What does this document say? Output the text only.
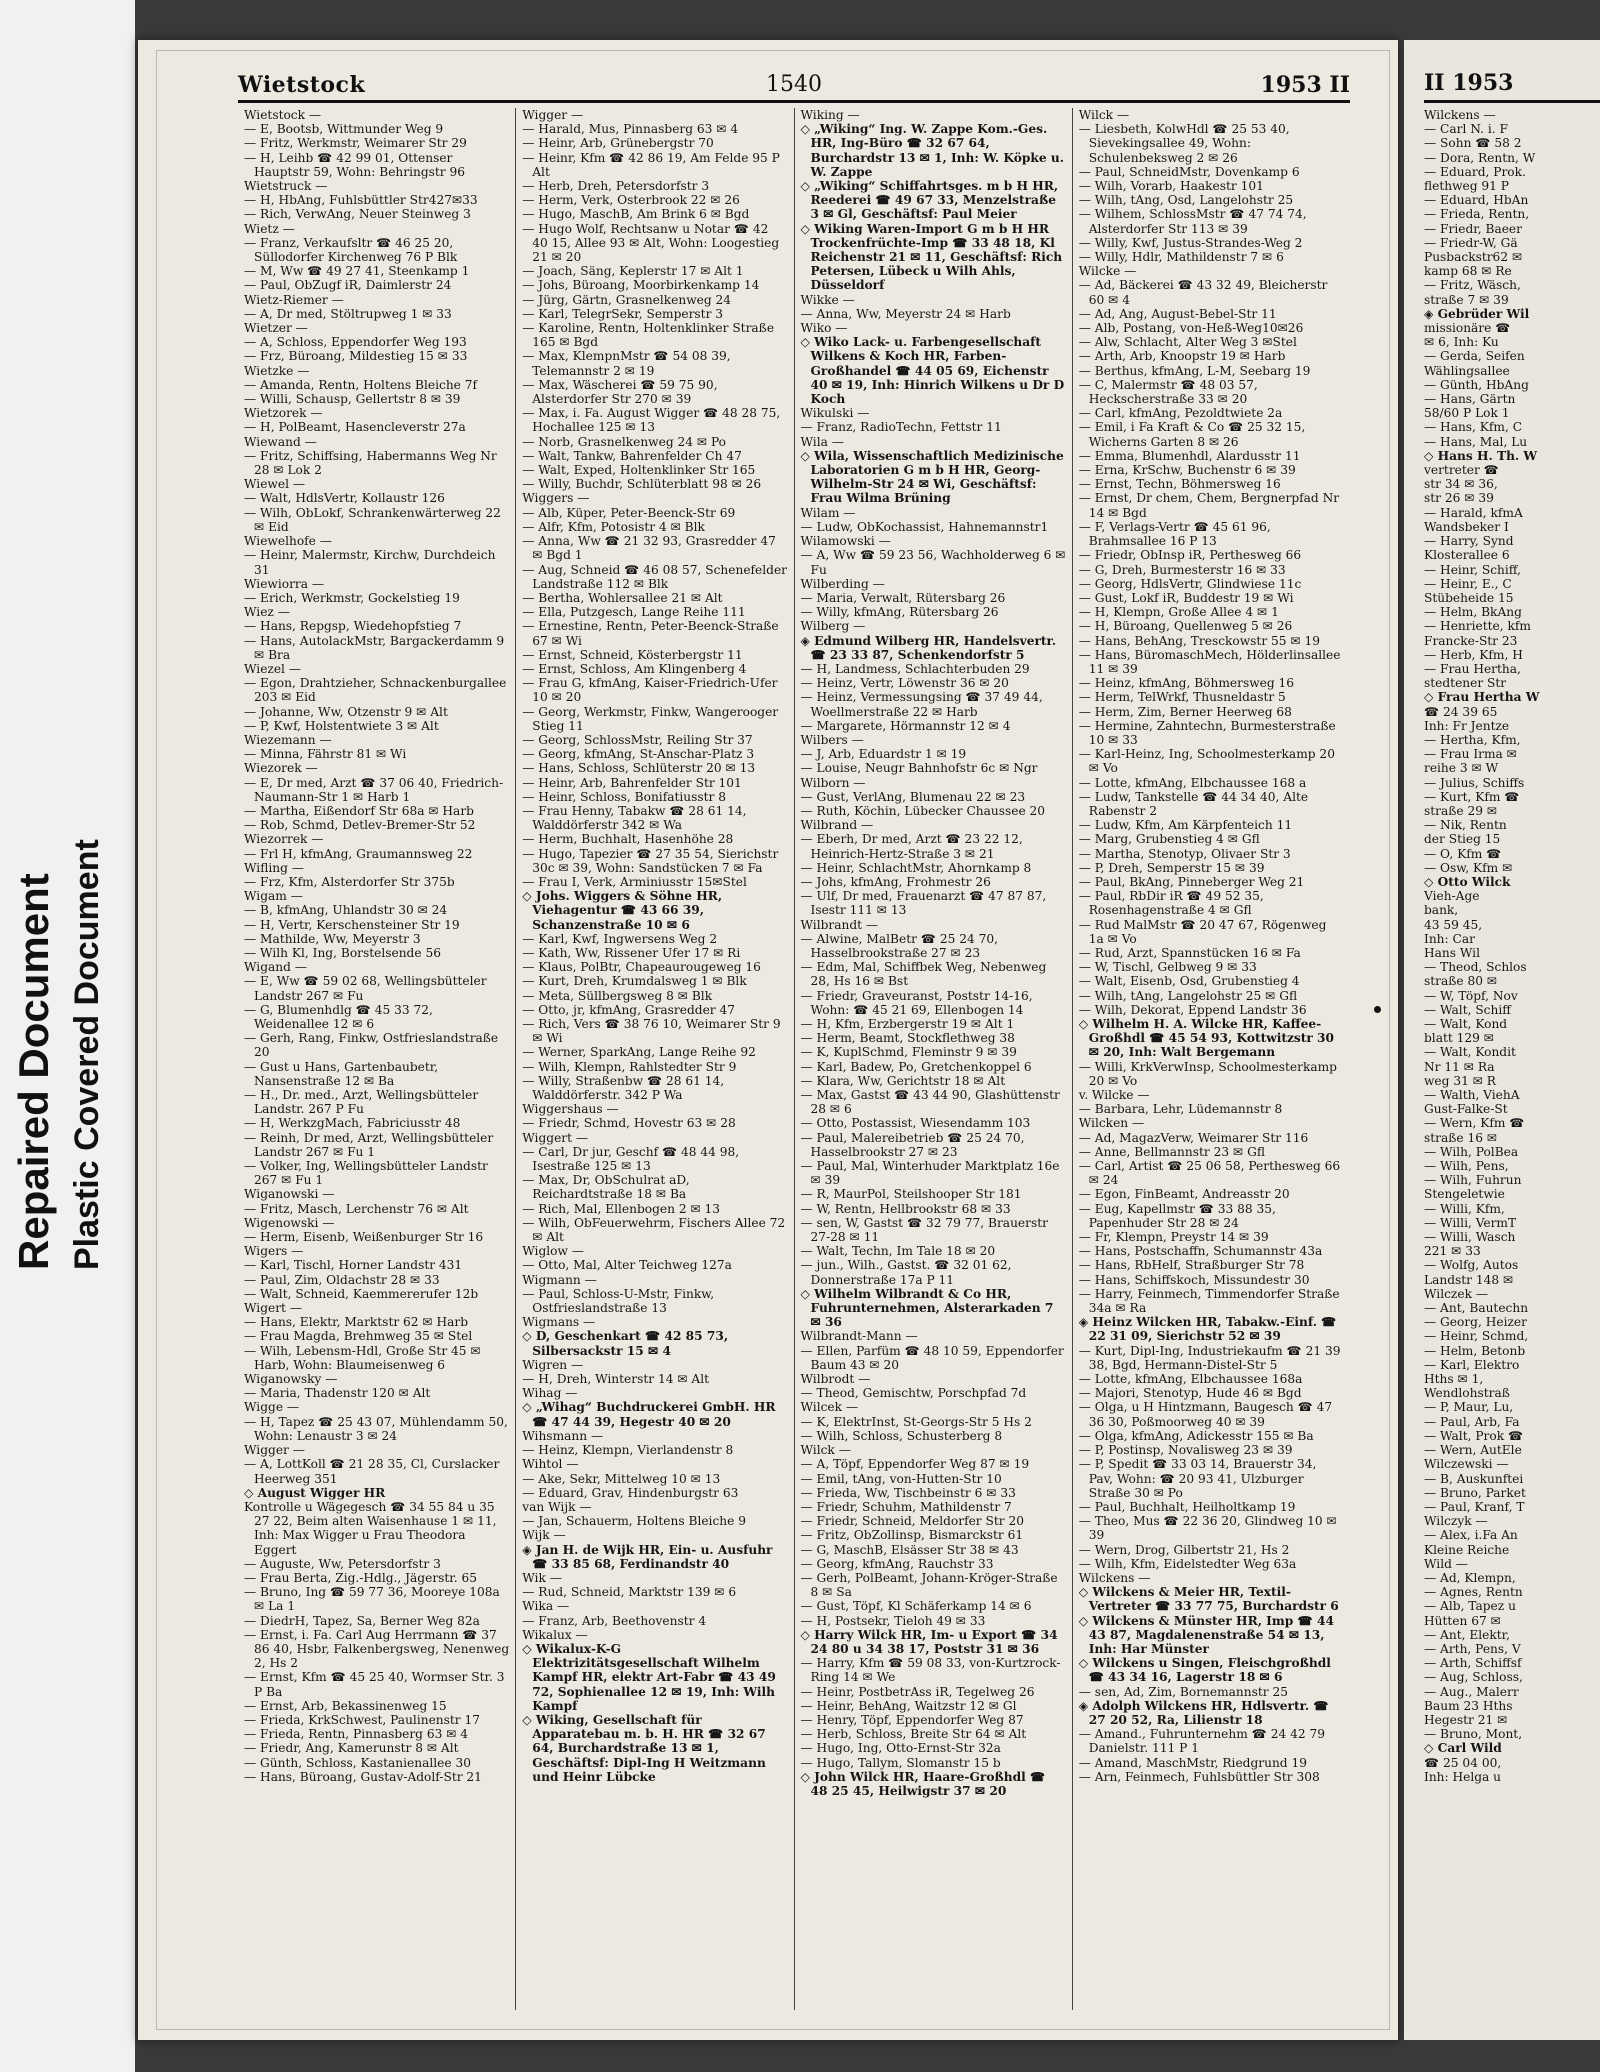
Repaired Document Plastic Covered Document
Wietstock	1540	1953 II

Wietstock —

— E, Bootsb, Wittmunder Weg 9

— Fritz, Werkmstr, Weimarer Str 29

— H, Leihb ☎ 42 99 01, Ottenser Hauptstr 59, Wohn: Behringstr 96

Wietstruck —

— H, HbAng, Fuhlsbüttler Str427✉33

— Rich, VerwAng, Neuer Steinweg 3

Wietz —

— Franz, Verkaufsltr ☎ 46 25 20, Süllodorfer Kirchenweg 76 P Blk

— M, Ww ☎ 49 27 41, Steenkamp 1

— Paul, ObZugf iR, Daimlerstr 24

Wietz-Riemer —

— A, Dr med, Stöltrupweg 1 ✉ 33

Wietzer —

— A, Schloss, Eppendorfer Weg 193

— Frz, Büroang, Mildestieg 15 ✉ 33

Wietzke —

— Amanda, Rentn, Holtens Bleiche 7f

— Willi, Schausp, Gellertstr 8 ✉ 39

Wietzorek —

— H, PolBeamt, Hasencleverstr 27a

Wiewand —

— Fritz, Schiffsing, Habermanns Weg Nr 28 ✉ Lok 2

Wiewel —

— Walt, HdlsVertr, Kollaustr 126

— Wilh, ObLokf, Schrankenwärterweg 22 ✉ Eid

Wiewelhofe —

— Heinr, Malermstr, Kirchw, Durchdeich 31

Wiewiorra —

— Erich, Werkmstr, Gockelstieg 19

Wiez —

— Hans, Repgsp, Wiedehopfstieg 7

— Hans, AutolackMstr, Bargackerdamm 9 ✉ Bra

Wiezel —

— Egon, Drahtzieher, Schnackenburgallee 203 ✉ Eid

— Johanne, Ww, Otzenstr 9 ✉ Alt

— P, Kwf, Holstentwiete 3 ✉ Alt

Wiezemann —

— Minna, Fährstr 81 ✉ Wi

Wiezorek —

— E, Dr med, Arzt ☎ 37 06 40, Friedrich-Naumann-Str 1 ✉ Harb 1

— Martha, Eißendorf Str 68a ✉ Harb

— Rob, Schmd, Detlev-Bremer-Str 52

Wiezorrek —

— Frl H, kfmAng, Graumannsweg 22

Wifling —

— Frz, Kfm, Alsterdorfer Str 375b

Wigam —

— B, kfmAng, Uhlandstr 30 ✉ 24

— H, Vertr, Kerschensteiner Str 19

— Mathilde, Ww, Meyerstr 3

— Wilh Kl, Ing, Borstelsende 56

Wigand —

— E, Ww ☎ 59 02 68, Wellingsbütteler Landstr 267 ✉ Fu

— G, Blumenhdlg ☎ 45 33 72, Weidenallee 12 ✉ 6

— Gerh, Rang, Finkw, Ostfrieslandstraße 20

— Gust u Hans, Gartenbaubetr, Nansenstraße 12 ✉ Ba

— H., Dr. med., Arzt, Wellingsbütteler Landstr. 267 P Fu

— H, WerkzgMach, Fabriciusstr 48

— Reinh, Dr med, Arzt, Wellingsbütteler Landstr 267 ✉ Fu 1

— Volker, Ing, Wellingsbütteler Landstr 267 ✉ Fu 1

Wiganowski —

— Fritz, Masch, Lerchenstr 76 ✉ Alt

Wigenowski —

— Herm, Eisenb, Weißenburger Str 16

Wigers —

— Karl, Tischl, Horner Landstr 431

— Paul, Zim, Oldachstr 28 ✉ 33

— Walt, Schneid, Kaemmererufer 12b

Wigert —

— Hans, Elektr, Marktstr 62 ✉ Harb

— Frau Magda, Brehmweg 35 ✉ Stel

— Wilh, Lebensm-Hdl, Große Str 45 ✉ Harb, Wohn: Blaumeisenweg 6

Wiganowsky —

— Maria, Thadenstr 120 ✉ Alt

Wigge —

— H, Tapez ☎ 25 43 07, Mühlendamm 50, Wohn: Lenaustr 3 ✉ 24

Wigger —

— A, LottKoll ☎ 21 28 35, Cl, Curslacker Heerweg 351

◇ August Wigger HR

Kontrolle u Wägegesch ☎ 34 55 84 u 35 27 22, Beim alten Waisenhause 1 ✉ 11, Inh: Max Wigger u Frau Theodora Eggert

— Auguste, Ww, Petersdorfstr 3

— Frau Berta, Zig.-Hdlg., Jägerstr. 65

— Bruno, Ing ☎ 59 77 36, Mooreye 108a ✉ La 1

— DiedrH, Tapez, Sa, Berner Weg 82a

— Ernst, i. Fa. Carl Aug Herrmann ☎ 37 86 40, Hsbr, Falkenbergsweg, Nenenweg 2, Hs 2

— Ernst, Kfm ☎ 45 25 40, Wormser Str. 3 P Ba

— Ernst, Arb, Bekassinenweg 15

— Frieda, KrkSchwest, Paulinenstr 17

— Frieda, Rentn, Pinnasberg 63 ✉ 4

— Friedr, Ang, Kamerunstr 8 ✉ Alt

— Günth, Schloss, Kastanienallee 30

— Hans, Büroang, Gustav-Adolf-Str 21

Wigger —

— Harald, Mus, Pinnasberg 63 ✉ 4

— Heinr, Arb, Grünebergstr 70

— Heinr, Kfm ☎ 42 86 19, Am Felde 95 P Alt

— Herb, Dreh, Petersdorfstr 3

— Herm, Verk, Osterbrook 22 ✉ 26

— Hugo, MaschB, Am Brink 6 ✉ Bgd

— Hugo Wolf, Rechtsanw u Notar ☎ 42 40 15, Allee 93 ✉ Alt, Wohn: Loogestieg 21 ✉ 20

— Joach, Säng, Keplerstr 17 ✉ Alt 1

— Johs, Büroang, Moorbirkenkamp 14

— Jürg, Gärtn, Grasnelkenweg 24

— Karl, TelegrSekr, Semperstr 3

— Karoline, Rentn, Holtenklinker Straße 165 ✉ Bgd

— Max, KlempnMstr ☎ 54 08 39, Telemannstr 2 ✉ 19

— Max, Wäscherei ☎ 59 75 90, Alsterdorfer Str 270 ✉ 39

— Max, i. Fa. August Wigger ☎ 48 28 75, Hochallee 125 ✉ 13

— Norb, Grasnelkenweg 24 ✉ Po

— Walt, Tankw, Bahrenfelder Ch 47

— Walt, Exped, Holtenklinker Str 165

— Willy, Buchdr, Schlüterblatt 98 ✉ 26

Wiggers —

— Alb, Küper, Peter-Beenck-Str 69

— Alfr, Kfm, Potosistr 4 ✉ Blk

— Anna, Ww ☎ 21 32 93, Grasredder 47 ✉ Bgd 1

— Aug, Schneid ☎ 46 08 57, Schenefelder Landstraße 112 ✉ Blk

— Bertha, Wohlersallee 21 ✉ Alt

— Ella, Putzgesch, Lange Reihe 111

— Ernestine, Rentn, Peter-Beenck-Straße 67 ✉ Wi

— Ernst, Schneid, Kösterbergstr 11

— Ernst, Schloss, Am Klingenberg 4

— Frau G, kfmAng, Kaiser-Friedrich-Ufer 10 ✉ 20

— Georg, Werkmstr, Finkw, Wangerooger Stieg 11

— Georg, SchlossMstr, Reiling Str 37

— Georg, kfmAng, St-Anschar-Platz 3

— Hans, Schloss, Schlüterstr 20 ✉ 13

— Heinr, Arb, Bahrenfelder Str 101

— Heinr, Schloss, Bonifatiusstr 8

— Frau Henny, Tabakw ☎ 28 61 14, Walddörferstr 342 ✉ Wa

— Herm, Buchhalt, Hasenhöhe 28

— Hugo, Tapezier ☎ 27 35 54, Sierichstr 30c ✉ 39, Wohn: Sandstücken 7 ✉ Fa

— Frau I, Verk, Arminiusstr 15✉Stel

◇ Johs. Wiggers & Söhne HR, Viehagentur ☎ 43 66 39, Schanzenstraße 10 ✉ 6

— Karl, Kwf, Ingwersens Weg 2

— Kath, Ww, Rissener Ufer 17 ✉ Ri

— Klaus, PolBtr, Chapeaurougeweg 16

— Kurt, Dreh, Krumdalsweg 1 ✉ Blk

— Meta, Süllbergsweg 8 ✉ Blk

— Otto, jr, kfmAng, Grasredder 47

— Rich, Vers ☎ 38 76 10, Weimarer Str 9 ✉ Wi

— Werner, SparkAng, Lange Reihe 92

— Wilh, Klempn, Rahlstedter Str 9

— Willy, Straßenbw ☎ 28 61 14, Walddörferstr. 342 P Wa

Wiggershaus —

— Friedr, Schmd, Hovestr 63 ✉ 28

Wiggert —

— Carl, Dr jur, Geschf ☎ 48 44 98, Isestraße 125 ✉ 13

— Max, Dr, ObSchulrat aD, Reichardtstraße 18 ✉ Ba

— Rich, Mal, Ellenbogen 2 ✉ 13

— Wilh, ObFeuerwehrm, Fischers Allee 72 ✉ Alt

Wiglow —

— Otto, Mal, Alter Teichweg 127a

Wigmann —

— Paul, Schloss-U-Mstr, Finkw, Ostfrieslandstraße 13

Wigmans —

◇ D, Geschenkart ☎ 42 85 73, Silbersackstr 15 ✉ 4

Wigren —

— H, Dreh, Winterstr 14 ✉ Alt

Wihag —

◇ „Wihag“ Buchdruckerei GmbH. HR ☎ 47 44 39, Hegestr 40 ✉ 20

Wihsmann —

— Heinz, Klempn, Vierlandenstr 8

Wihtol —

— Ake, Sekr, Mittelweg 10 ✉ 13

— Eduard, Grav, Hindenburgstr 63

van Wijk —

— Jan, Schauerm, Holtens Bleiche 9

Wijk —

◈ Jan H. de Wijk HR, Ein- u. Ausfuhr ☎ 33 85 68, Ferdinandstr 40

Wik —

— Rud, Schneid, Marktstr 139 ✉ 6

Wika —

— Franz, Arb, Beethovenstr 4

Wikalux —

◇ Wikalux-K-G Elektrizitätsgesellschaft Wilhelm Kampf HR, elektr Art-Fabr ☎ 43 49 72, Sophienallee 12 ✉ 19, Inh: Wilh Kampf

◇ Wiking, Gesellschaft für Apparatebau m. b. H. HR ☎ 32 67 64, Burchardstraße 13 ✉ 1, Geschäftsf: Dipl-Ing H Weitzmann und Heinr Lübcke

Wiking —

◇ „Wiking“ Ing. W. Zappe Kom.-Ges. HR, Ing-Büro ☎ 32 67 64, Burchardstr 13 ✉ 1, Inh: W. Köpke u. W. Zappe

◇ „Wiking“ Schiffahrtsges. m b H HR, Reederei ☎ 49 67 33, Menzelstraße 3 ✉ Gl, Geschäftsf: Paul Meier

◇ Wiking Waren-Import G m b H HR Trockenfrüchte-Imp ☎ 33 48 18, Kl Reichenstr 21 ✉ 11, Geschäftsf: Rich Petersen, Lübeck u Wilh Ahls, Düsseldorf

Wikke —

— Anna, Ww, Meyerstr 24 ✉ Harb

Wiko —

◇ Wiko Lack- u. Farbengesellschaft Wilkens & Koch HR, Farben-Großhandel ☎ 44 05 69, Eichenstr 40 ✉ 19, Inh: Hinrich Wilkens u Dr D Koch

Wikulski —

— Franz, RadioTechn, Fettstr 11

Wila —

◇ Wila, Wissenschaftlich Medizinische Laboratorien G m b H HR, Georg-Wilhelm-Str 24 ✉ Wi, Geschäftsf: Frau Wilma Brüning

Wilam —

— Ludw, ObKochassist, Hahnemannstr1

Wilamowski —

— A, Ww ☎ 59 23 56, Wachholderweg 6 ✉ Fu

Wilberding —

— Maria, Verwalt, Rütersbarg 26

— Willy, kfmAng, Rütersbarg 26

Wilberg —

◈ Edmund Wilberg HR, Handelsvertr. ☎ 23 33 87, Schenkendorfstr 5

— H, Landmess, Schlachterbuden 29

— Heinz, Vertr, Löwenstr 36 ✉ 20

— Heinz, Vermessungsing ☎ 37 49 44, Woellmerstraße 22 ✉ Harb

— Margarete, Hörmannstr 12 ✉ 4

Wilbers —

— J, Arb, Eduardstr 1 ✉ 19

— Louise, Neugr Bahnhofstr 6c ✉ Ngr

Wilborn —

— Gust, VerlAng, Blumenau 22 ✉ 23

— Ruth, Köchin, Lübecker Chaussee 20

Wilbrand —

— Eberh, Dr med, Arzt ☎ 23 22 12, Heinrich-Hertz-Straße 3 ✉ 21

— Heinr, SchlachtMstr, Ahornkamp 8

— Johs, kfmAng, Frohmestr 26

— Ulf, Dr med, Frauenarzt ☎ 47 87 87, Isestr 111 ✉ 13

Wilbrandt —

— Alwine, MalBetr ☎ 25 24 70, Hasselbrookstraße 27 ✉ 23

— Edm, Mal, Schiffbek Weg, Nebenweg 28, Hs 16 ✉ Bst

— Friedr, Graveuranst, Poststr 14-16, Wohn: ☎ 45 21 69, Ellenbogen 14

— H, Kfm, Erzbergerstr 19 ✉ Alt 1

— Herm, Beamt, Stockflethweg 38

— K, KuplSchmd, Fleminstr 9 ✉ 39

— Karl, Badew, Po, Gretchenkoppel 6

— Klara, Ww, Gerichtstr 18 ✉ Alt

— Max, Gastst ☎ 43 44 90, Glashüttenstr 28 ✉ 6

— Otto, Postassist, Wiesendamm 103

— Paul, Malereibetrieb ☎ 25 24 70, Hasselbrookstr 27 ✉ 23

— Paul, Mal, Winterhuder Marktplatz 16e ✉ 39

— R, MaurPol, Steilshooper Str 181

— W, Rentn, Hellbrookstr 68 ✉ 33

— sen, W, Gastst ☎ 32 79 77, Brauerstr 27-28 ✉ 11

— Walt, Techn, Im Tale 18 ✉ 20

— jun., Wilh., Gastst. ☎ 32 01 62, Donnerstraße 17a P 11

◇ Wilhelm Wilbrandt & Co HR, Fuhrunternehmen, Alsterarkaden 7 ✉ 36

Wilbrandt-Mann —

— Ellen, Parfüm ☎ 48 10 59, Eppendorfer Baum 43 ✉ 20

Wilbrodt —

— Theod, Gemischtw, Porschpfad 7d

Wilcek —

— K, ElektrInst, St-Georgs-Str 5 Hs 2

— Wilh, Schloss, Schusterberg 8

Wilck —

— A, Töpf, Eppendorfer Weg 87 ✉ 19

— Emil, tAng, von-Hutten-Str 10

— Frieda, Ww, Tischbeinstr 6 ✉ 33

— Friedr, Schuhm, Mathildenstr 7

— Friedr, Schneid, Meldorfer Str 20

— Fritz, ObZollinsp, Bismarckstr 61

— G, MaschB, Elsässer Str 38 ✉ 43

— Georg, kfmAng, Rauchstr 33

— Gerh, PolBeamt, Johann-Kröger-Straße 8 ✉ Sa

— Gust, Töpf, Kl Schäferkamp 14 ✉ 6

— H, Postsekr, Tieloh 49 ✉ 33

◇ Harry Wilck HR, Im- u Export ☎ 34 24 80 u 34 38 17, Poststr 31 ✉ 36

— Harry, Kfm ☎ 59 08 33, von-Kurtzrock-Ring 14 ✉ We

— Heinr, PostbetrAss iR, Tegelweg 26

— Heinr, BehAng, Waitzstr 12 ✉ Gl

— Henry, Töpf, Eppendorfer Weg 87

— Herb, Schloss, Breite Str 64 ✉ Alt

— Hugo, Ing, Otto-Ernst-Str 32a

— Hugo, Tallym, Slomanstr 15 b

◇ John Wilck HR, Haare-Großhdl ☎ 48 25 45, Heilwigstr 37 ✉ 20

Wilck —

— Liesbeth, KolwHdl ☎ 25 53 40, Sievekingsallee 49, Wohn: Schulenbeksweg 2 ✉ 26

— Paul, SchneidMstr, Dovenkamp 6

— Wilh, Vorarb, Haakestr 101

— Wilh, tAng, Osd, Langelohstr 25

— Wilhem, SchlossMstr ☎ 47 74 74, Alsterdorfer Str 113 ✉ 39

— Willy, Kwf, Justus-Strandes-Weg 2

— Willy, Hdlr, Mathildenstr 7 ✉ 6

Wilcke —

— Ad, Bäckerei ☎ 43 32 49, Bleicherstr 60 ✉ 4

— Ad, Ang, August-Bebel-Str 11

— Alb, Postang, von-Heß-Weg10✉26

— Alw, Schlacht, Alter Weg 3 ✉Stel

— Arth, Arb, Knoopstr 19 ✉ Harb

— Berthus, kfmAng, L-M, Seebarg 19

— C, Malermstr ☎ 48 03 57, Heckscherstraße 33 ✉ 20

— Carl, kfmAng, Pezoldtwiete 2a

— Emil, i Fa Kraft & Co ☎ 25 32 15, Wicherns Garten 8 ✉ 26

— Emma, Blumenhdl, Alardusstr 11

— Erna, KrSchw, Buchenstr 6 ✉ 39

— Ernst, Techn, Böhmersweg 16

— Ernst, Dr chem, Chem, Bergnerpfad Nr 14 ✉ Bgd

— F, Verlags-Vertr ☎ 45 61 96, Brahmsallee 16 P 13

— Friedr, ObInsp iR, Perthesweg 66

— G, Dreh, Burmesterstr 16 ✉ 33

— Georg, HdlsVertr, Glindwiese 11c

— Gust, Lokf iR, Buddestr 19 ✉ Wi

— H, Klempn, Große Allee 4 ✉ 1

— H, Büroang, Quellenweg 5 ✉ 26

— Hans, BehAng, Tresckowstr 55 ✉ 19

— Hans, BüromaschMech, Hölderlinsallee 11 ✉ 39

— Heinz, kfmAng, Böhmersweg 16

— Herm, TelWrkf, Thusneldastr 5

— Herm, Zim, Berner Heerweg 68

— Hermine, Zahntechn, Burmesterstraße 10 ✉ 33

— Karl-Heinz, Ing, Schoolmesterkamp 20 ✉ Vo

— Lotte, kfmAng, Elbchaussee 168 a

— Ludw, Tankstelle ☎ 44 34 40, Alte Rabenstr 2

— Ludw, Kfm, Am Kärpfenteich 11

— Marg, Grubenstieg 4 ✉ Gfl

— Martha, Stenotyp, Olivaer Str 3

— P, Dreh, Semperstr 15 ✉ 39

— Paul, BkAng, Pinneberger Weg 21

— Paul, RbDir iR ☎ 49 52 35, Rosenhagenstraße 4 ✉ Gfl

— Rud MalMstr ☎ 20 47 67, Rögenweg 1a ✉ Vo

— Rud, Arzt, Spannstücken 16 ✉ Fa

— W, Tischl, Gelbweg 9 ✉ 33

— Walt, Eisenb, Osd, Grubenstieg 4

— Wilh, tAng, Langelohstr 25 ✉ Gfl

— Wilh, Dekorat, Eppend Landstr 36

◇ Wilhelm H. A. Wilcke HR, Kaffee-Großhdl ☎ 45 54 93, Kottwitzstr 30 ✉ 20, Inh: Walt Bergemann

— Willi, KrkVerwInsp, Schoolmesterkamp 20 ✉ Vo

v. Wilcke —

— Barbara, Lehr, Lüdemannstr 8

Wilcken —

— Ad, MagazVerw, Weimarer Str 116

— Anne, Bellmannstr 23 ✉ Gfl

— Carl, Artist ☎ 25 06 58, Perthesweg 66 ✉ 24

— Egon, FinBeamt, Andreasstr 20

— Eug, Kapellmstr ☎ 33 88 35, Papenhuder Str 28 ✉ 24

— Fr, Klempn, Preystr 14 ✉ 39

— Hans, Postschaffn, Schumannstr 43a

— Hans, RbHelf, Straßburger Str 78

— Hans, Schiffskoch, Missundestr 30

— Harry, Feinmech, Timmendorfer Straße 34a ✉ Ra

◈ Heinz Wilcken HR, Tabakw.-Einf. ☎ 22 31 09, Sierichstr 52 ✉ 39

— Kurt, Dipl-Ing, Industriekaufm ☎ 21 39 38, Bgd, Hermann-Distel-Str 5

— Lotte, kfmAng, Elbchaussee 168a

— Majori, Stenotyp, Hude 46 ✉ Bgd

— Olga, u H Hintzmann, Baugesch ☎ 47 36 30, Poßmoorweg 40 ✉ 39

— Olga, kfmAng, Adickesstr 155 ✉ Ba

— P, Postinsp, Novalisweg 23 ✉ 39

— P, Spedit ☎ 33 03 14, Brauerstr 34, Pav, Wohn: ☎ 20 93 41, Ulzburger Straße 30 ✉ Po

— Paul, Buchhalt, Heilholtkamp 19

— Theo, Mus ☎ 22 36 20, Glindweg 10 ✉ 39

— Wern, Drog, Gilbertstr 21, Hs 2

— Wilh, Kfm, Eidelstedter Weg 63a

Wilckens —

◇ Wilckens & Meier HR, Textil-Vertreter ☎ 33 77 75, Burchardstr 6

◇ Wilckens & Münster HR, Imp ☎ 44 43 87, Magdalenenstraße 54 ✉ 13, Inh: Har Münster

◇ Wilckens u Singen, Fleischgroßhdl ☎ 43 34 16, Lagerstr 18 ✉ 6

— sen, Ad, Zim, Bornemannstr 25

◈ Adolph Wilckens HR, Hdlsvertr. ☎ 27 20 52, Ra, Lilienstr 18

— Amand., Fuhrunternehm ☎ 24 42 79 Danielstr. 111 P 1

— Amand, MaschMstr, Riedgrund 19

— Arn, Feinmech, Fuhlsbüttler Str 308

II 1953

Wilckens —

— Carl N. i. F

— Sohn ☎ 58 2

— Dora, Rentn, W

— Eduard, Prok.

flethweg 91 P

— Eduard, HbAn

— Frieda, Rentn,

— Friedr, Baeer

— Friedr-W, Gä

Pusbackstr62 ✉

kamp 68 ✉ Re

— Fritz, Wäsch,

straße 7 ✉ 39

◈ Gebrüder Wil

missionäre ☎

✉ 6, Inh: Ku

— Gerda, Seifen

Wählingsallee

— Günth, HbAng

— Hans, Gärtn

58/60 P Lok 1

— Hans, Kfm, C

— Hans, Mal, Lu

◇ Hans H. Th. W

vertreter ☎

str 34 ✉ 36,

str 26 ✉ 39

— Harald, kfmA

Wandsbeker I

— Harry, Synd

Klosterallee 6

— Heinr, Schiff,

— Heinr, E., C

Stübeheide 15

— Helm, BkAng

— Henriette, kfm

Francke-Str 23

— Herb, Kfm, H

— Frau Hertha,

stedtener Str

◇ Frau Hertha W

☎ 24 39 65

Inh: Fr Jentze

— Hertha, Kfm,

— Frau Irma ✉

reihe 3 ✉ W

— Julius, Schiffs

— Kurt, Kfm ☎

straße 29 ✉

— Nik, Rentn

der Stieg 15

— O, Kfm ☎

— Osw, Kfm ✉

◇ Otto Wilck

Vieh-Age

bank,

43 59 45,

Inh: Car

Hans Wil

— Theod, Schlos

straße 80 ✉

— W, Töpf, Nov

— Walt, Schiff

— Walt, Kond

blatt 129 ✉

— Walt, Kondit

Nr 11 ✉ Ra

weg 31 ✉ R

— Walth, ViehA

Gust-Falke-St

— Wern, Kfm ☎

straße 16 ✉

— Wilh, PolBea

— Wilh, Pens,

— Wilh, Fuhrun

Stengeletwie

— Willi, Kfm,

— Willi, VermT

— Willi, Wasch

221 ✉ 33

— Wolfg, Autos

Landstr 148 ✉

Wilczek —

— Ant, Bautechn

— Georg, Heizer

— Heinr, Schmd,

— Helm, Betonb

— Karl, Elektro

Hths ✉ 1,

Wendlohstraß

— P, Maur, Lu,

— Paul, Arb, Fa

— Walt, Prok ☎

— Wern, AutEle

Wilczewski —

— B, Auskunftei

— Bruno, Parket

— Paul, Kranf, T

Wilczyk —

— Alex, i.Fa An

Kleine Reiche

Wild —

— Ad, Klempn,

— Agnes, Rentn

— Alb, Tapez u

Hütten 67 ✉

— Ant, Elektr,

— Arth, Pens, V

— Arth, Schiffsf

— Aug, Schloss,

— Aug., Malerr

Baum 23 Hths

Hegestr 21 ✉

— Bruno, Mont,

◇ Carl Wild

☎ 25 04 00,

Inh: Helga u
